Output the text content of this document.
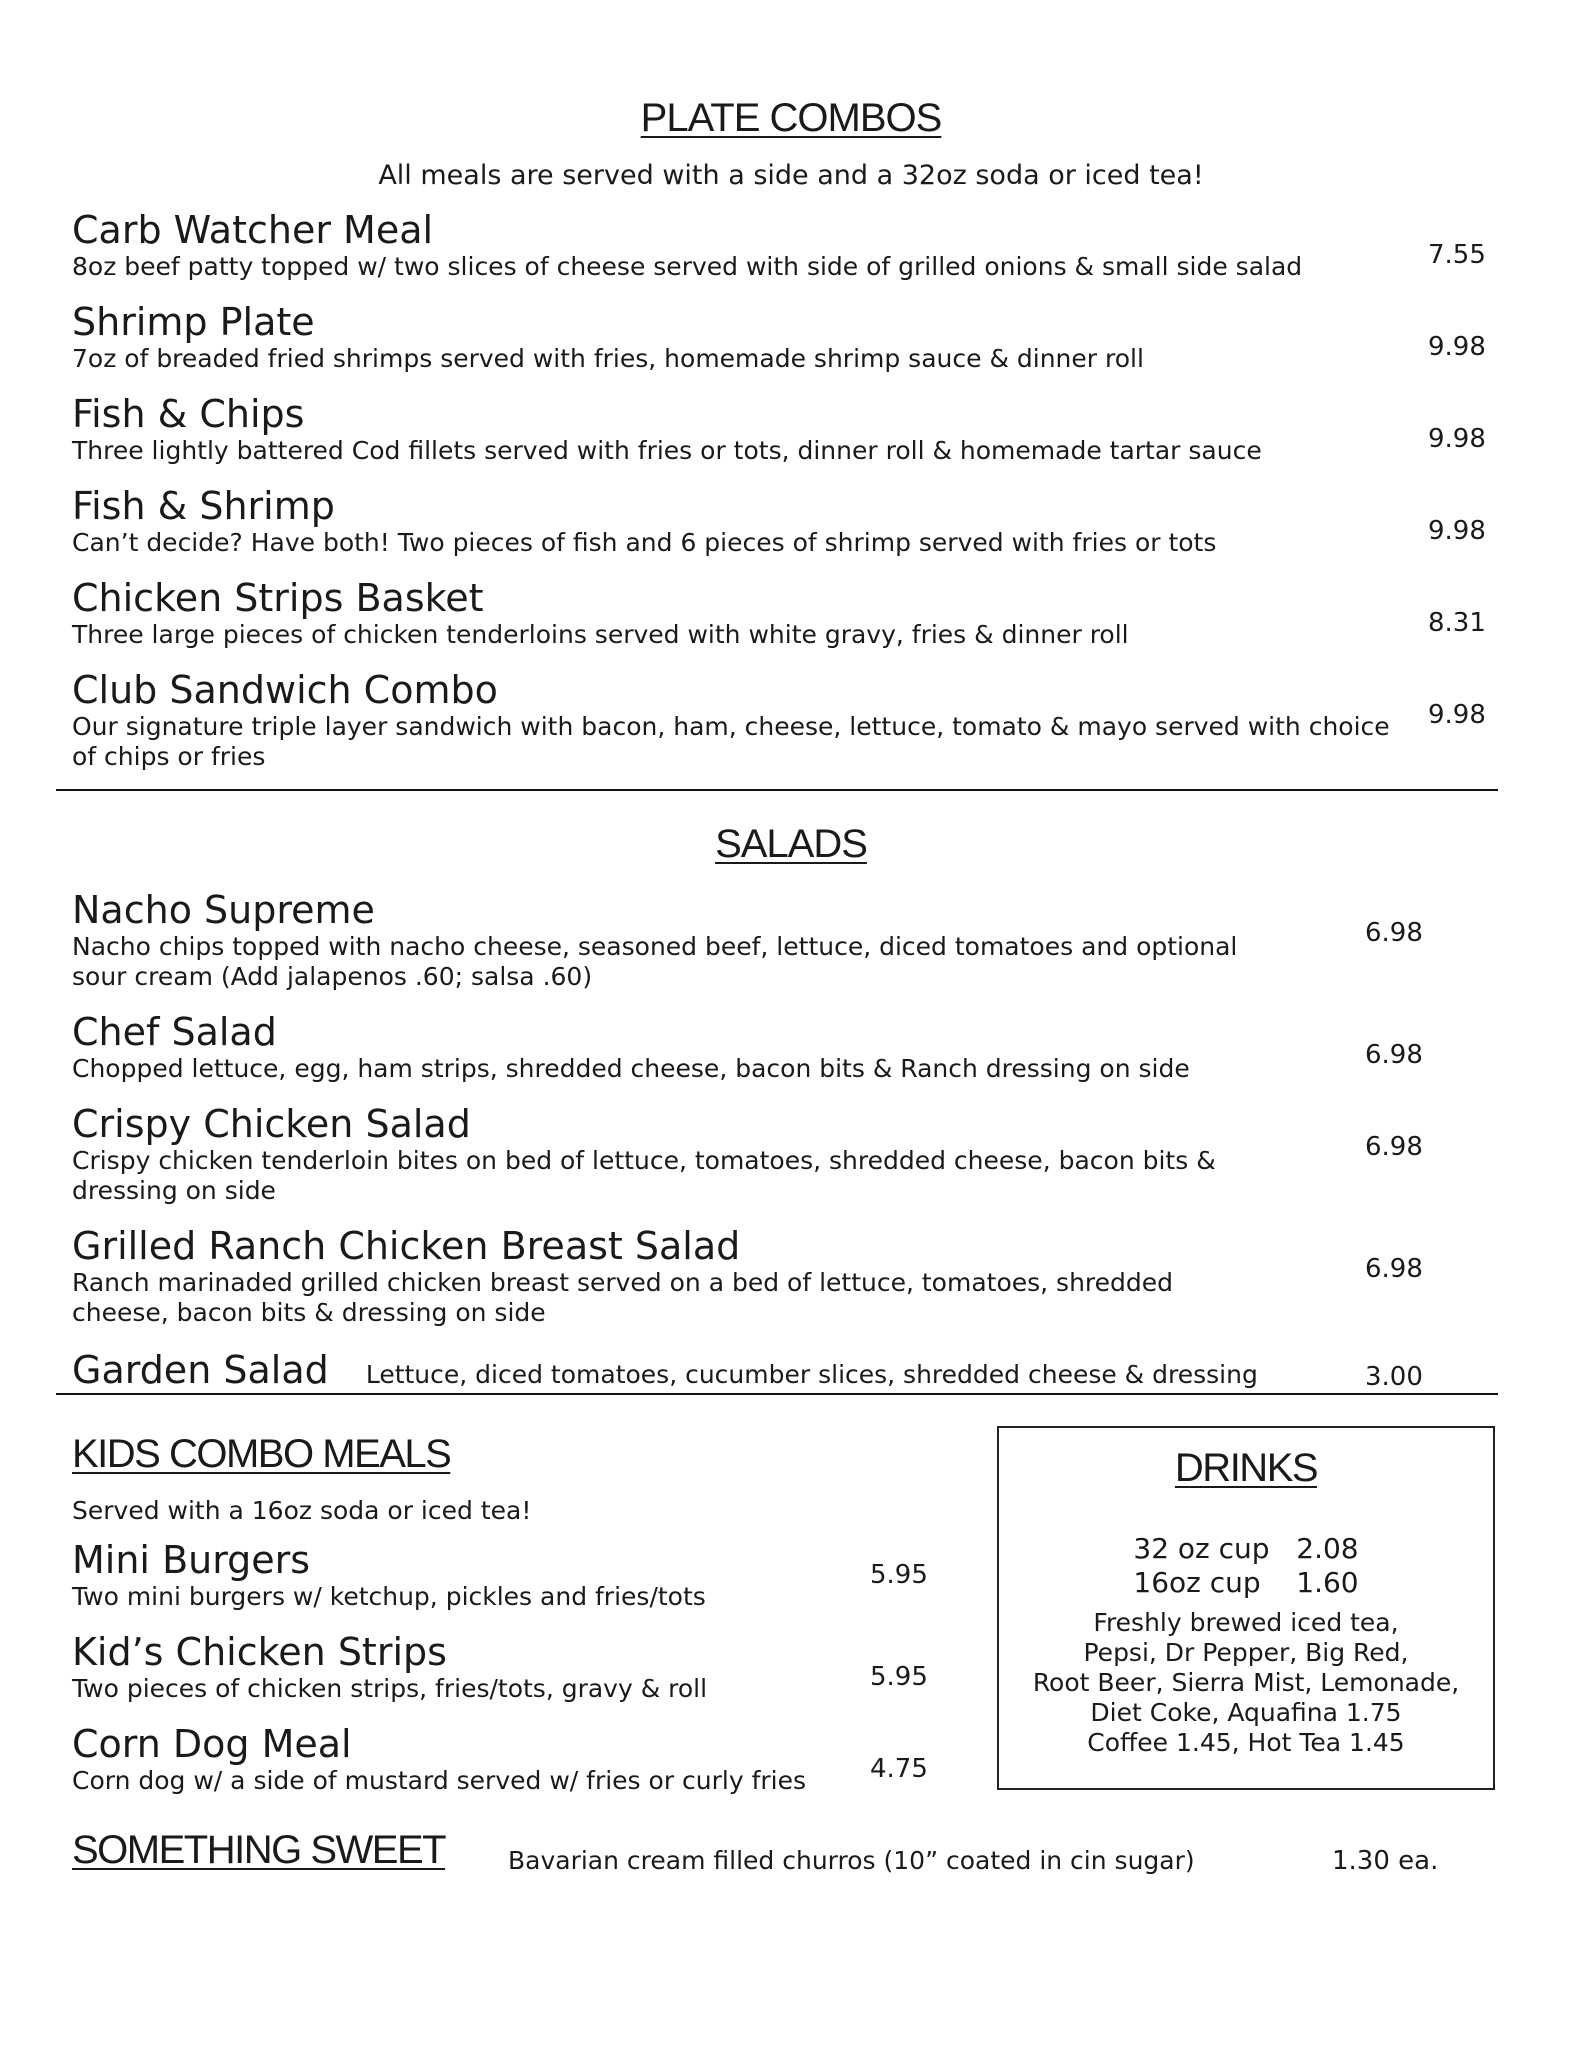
PLATE COMBOS
All meals are served with a side and a 32oz soda or iced tea!
Carb Watcher Meal
8oz beef patty topped w/ two slices of cheese served with side of grilled onions & small side salad	7.55
Shrimp Plate
7oz of breaded fried shrimps served with fries, homemade shrimp sauce & dinner roll	9.98
Fish & Chips
Three lightly battered Cod fillets served with fries or tots, dinner roll & homemade tartar sauce	9.98
Fish & Shrimp
Can’t decide? Have both! Two pieces of fish and 6 pieces of shrimp served with fries or tots	9.98
Chicken Strips Basket
Three large pieces of chicken tenderloins served with white gravy, fries & dinner roll	8.31
Club Sandwich Combo
Our signature triple layer sandwich with bacon, ham, cheese, lettuce, tomato & mayo served with choice of chips or fries
9.98
SALADS
Nacho Supreme
Nacho chips topped with nacho cheese, seasoned beef, lettuce, diced tomatoes and optional sour cream (Add jalapenos .60; salsa .60)
6.98
Chef Salad
Chopped lettuce, egg, ham strips, shredded cheese, bacon bits & Ranch dressing on side	6.98
Crispy Chicken Salad
Crispy chicken tenderloin bites on bed of lettuce, tomatoes, shredded cheese, bacon bits & dressing on side
6.98
Grilled Ranch Chicken Breast Salad
Ranch marinaded grilled chicken breast served on a bed of lettuce, tomatoes, shredded cheese, bacon bits & dressing on side
6.98
Garden Salad Lettuce, diced tomatoes, cucumber slices, shredded cheese & dressing	3.00
KIDS COMBO MEALS
Served with a 16oz soda or iced tea!
Mini Burgers
Two mini burgers w/ ketchup, pickles and fries/tots
5.95
Kid’s Chicken Strips
Two pieces of chicken strips, fries/tots, gravy & roll	5.95
Corn Dog Meal
Corn dog w/ a side of mustard served w/ fries or curly fries	4.75
DRINKS
32 oz cup 2.08
16oz cup 1.60
Freshly brewed iced tea,
Pepsi, Dr Pepper, Big Red,
Root Beer, Sierra Mist, Lemonade,
Diet Coke, Aquafina 1.75
Coffee 1.45, Hot Tea 1.45
SOMETHING SWEET	Bavarian cream filled churros (10” coated in cin sugar)	1.30 ea.
